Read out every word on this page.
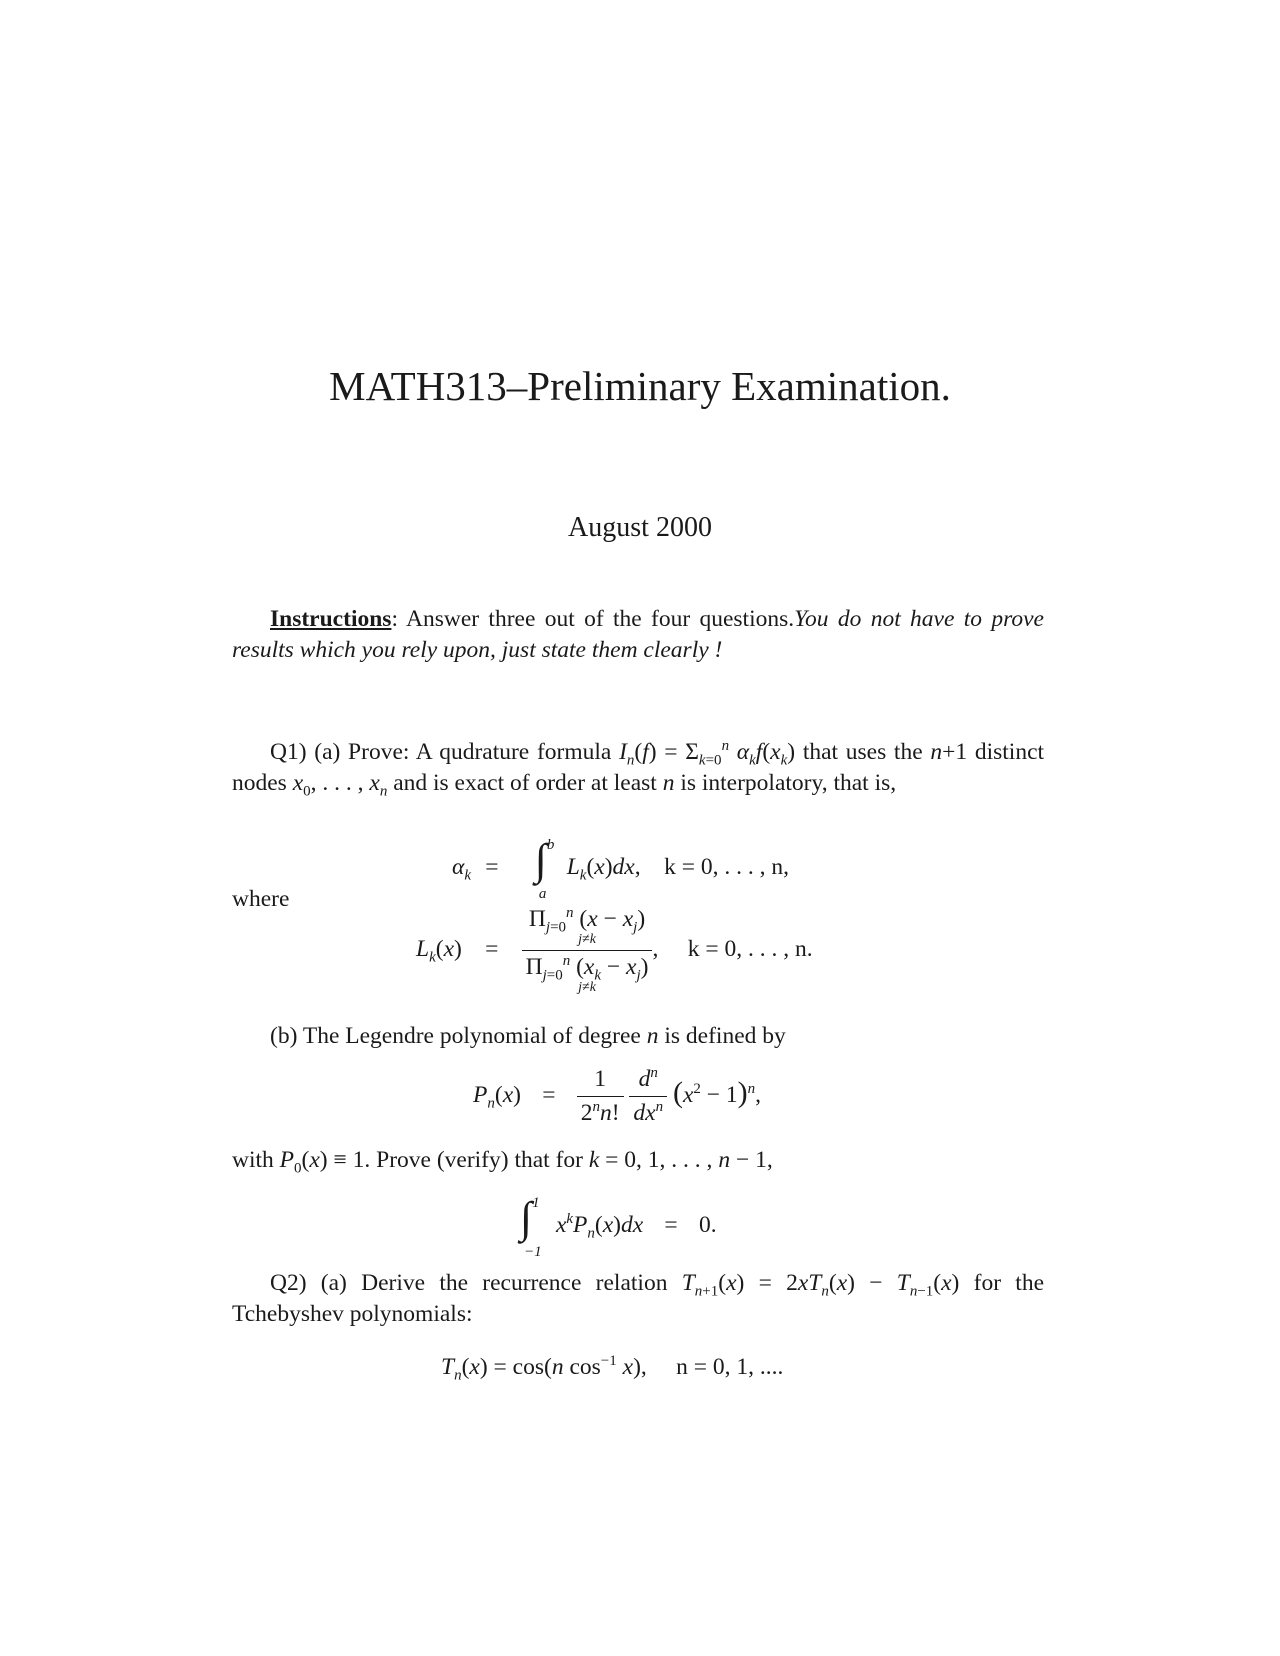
MATH313–Preliminary Examination.
August 2000
Instructions: Answer three out of the four questions.You do not have to prove results which you rely upon, just state them clearly !
Q1) (a) Prove: A qudrature formula $I_n(f) = \Sigma_{k=0}^n$ $\alpha_kf(x_k)$ that uses the n+1 distinct nodes $x_0$, . . . , $x_n$ and is exact of order at least n is interpolatory, that is,
$\alpha_k$ = ∫ b
a
$L_k(x)dx$,    k = 0, . . . , n,
where
$L_k(x) = \Pi_{j=0}^n$ $(x - x_j)$
j≠k
$\Pi_{j=0}^n$ $(x_k - x_j)$
j≠k ,     k = 0, . . . , n.
(b) The Legendre polynomial of degree n is defined by
$P_n(x) = \frac{1}{2^nn!}$
$\frac{d^n}{dx^n} (x^2 - 1)^n$,
with $P_0(x) \equiv 1$. Prove (verify) that for k = 0, 1, . . . , n − 1,
∫ 1
−1
$x^kP_n(x)dx = 0$.
Q2) (a) Derive the recurrence relation $T_{n+1}(x) = 2xT_n(x) - T_{n-1}(x)$ for the Tchebyshev polynomials:
$T_n(x) = \cos(n$ $\cos^{-1} x$),     n = 0, 1, ....
